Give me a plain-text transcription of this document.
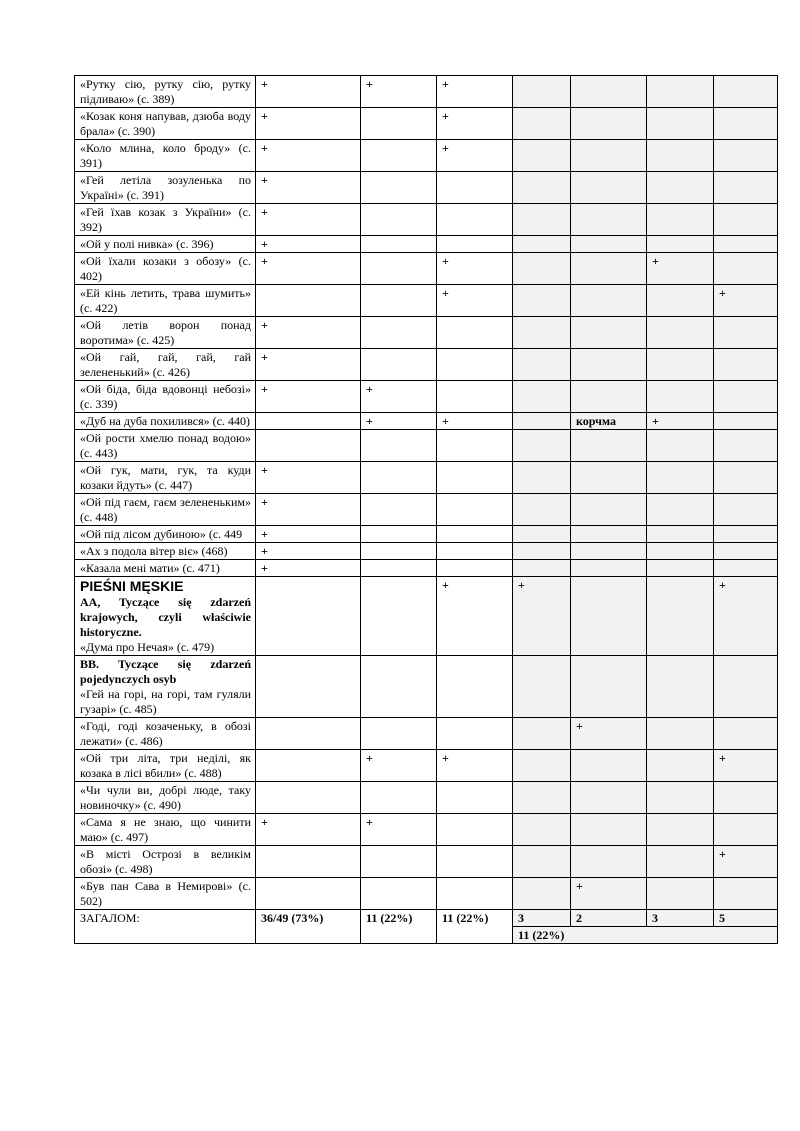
«Рутку сію, рутку сію, рутку підливаю» (с. 389)	+	+	+				
«Козак коня напував, дзюба воду брала» (с. 390)	+		+				
«Коло млина, коло броду» (с. 391)	+		+				
«Гей летіла зозуленька по Україні» (с. 391)	+						
«Гей їхав козак з України» (с. 392)	+						
«Ой у полі нивка» (с. 396)	+						
«Ой їхали козаки з обозу» (с. 402)	+		+			+	
«Ей кінь летить, трава шумить» (с. 422)			+				+
«Ой летів ворон понад воротима» (с. 425)	+						
«Ой гай, гай, гай, гай зелененький» (с. 426)	+						
«Ой біда, біда вдовонці небозі» (с. 339)	+	+					
«Дуб на дуба похилився» (с. 440)		+	+		корчма	+	
«Ой рости хмелю понад водою» (с. 443)							
«Ой гук, мати, гук, та куди козаки йдуть» (с. 447)	+						
«Ой під гаєм, гаєм зелененьким» (с. 448)	+						
«Ой під лісом дубиною» (с. 449	+						
«Ах з подола вітер віє» (468)	+						
«Казала мені мати» (с. 471)	+						

PIEŚNI MĘSKIE
AA, Tyczące się zdarzeń krajowych, czyli właściwie historyczne.
«Дума про Нечая» (с. 479)			+	+			+

BB. Tyczące się zdarzeń pojedynczych osyb
«Гей на горі, на горі, там гуляли гузарі» (с. 485)							

«Годі, годі козаченьку, в обозі лежати» (с. 486)					+		
«Ой три літа, три неділі, як козака в лісі вбили» (с. 488)		+	+				+
«Чи чули ви, добрі люде, таку новиночку» (с. 490)							
«Сама я не знаю, що чинити маю» (с. 497)	+	+					
«В місті Острозі в великім обозі» (с. 498)							+
«Був пан Сава в Немирові» (с. 502)					+		
ЗАГАЛОМ:	36/49 (73%)	11 (22%)	11 (22%)	3	2	3	5
				11 (22%)			
